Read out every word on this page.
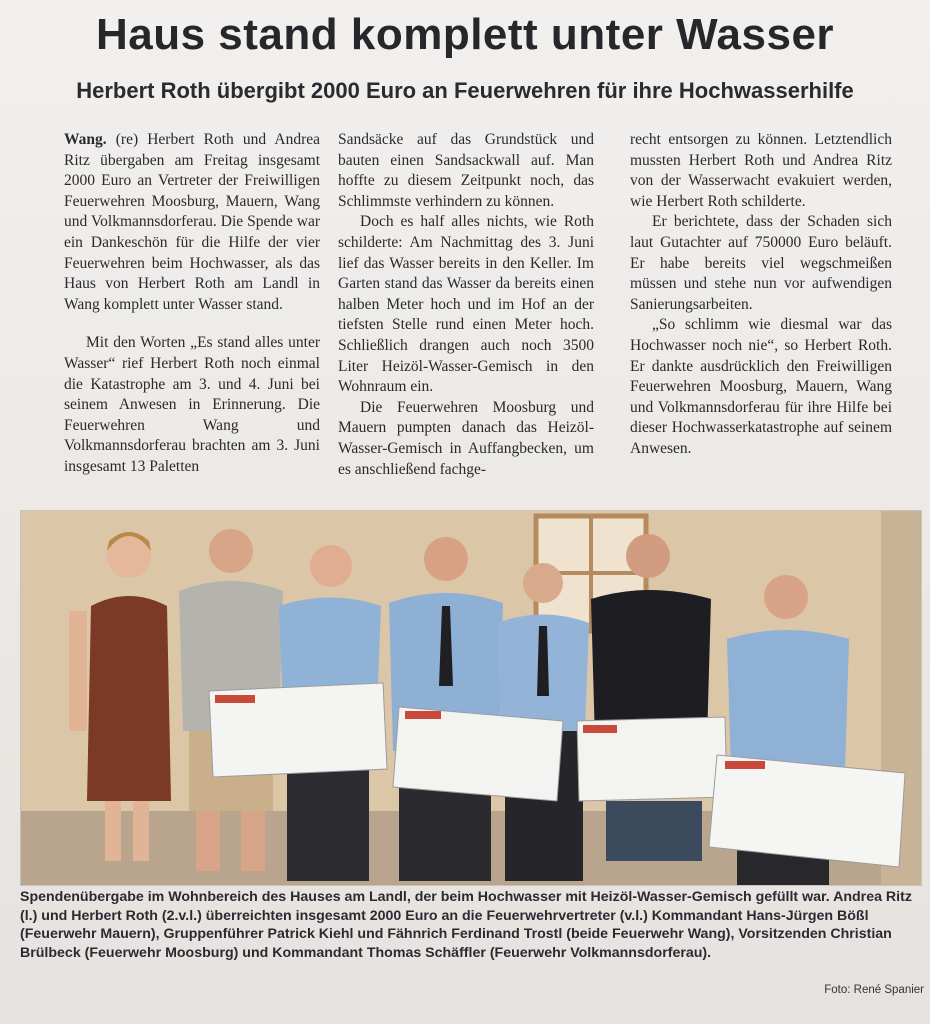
Haus stand komplett unter Wasser
Herbert Roth übergibt 2000 Euro an Feuerwehren für ihre Hochwasserhilfe

Wang. (re) Herbert Roth und Andrea Ritz übergaben am Freitag insgesamt 2000 Euro an Vertreter der Freiwilligen Feuerwehren Moosburg, Mauern, Wang und Volkmannsdorferau. Die Spende war ein Dankeschön für die Hilfe der vier Feuerwehren beim Hochwasser, als das Haus von Herbert Roth am Landl in Wang komplett unter Wasser stand.

Mit den Worten „Es stand alles unter Wasser“ rief Herbert Roth noch einmal die Katastrophe am 3. und 4. Juni bei seinem Anwesen in Erinnerung. Die Feuerwehren Wang und Volkmannsdorferau brachten am 3. Juni insgesamt 13 Paletten

Sandsäcke auf das Grundstück und bauten einen Sandsackwall auf. Man hoffte zu diesem Zeitpunkt noch, das Schlimmste verhindern zu können.

Doch es half alles nichts, wie Roth schilderte: Am Nachmittag des 3. Juni lief das Wasser bereits in den Keller. Im Garten stand das Wasser da bereits einen halben Meter hoch und im Hof an der tiefsten Stelle rund einen Meter hoch. Schließlich drangen auch noch 3500 Liter Heizöl-Wasser-Gemisch in den Wohnraum ein.

Die Feuerwehren Moosburg und Mauern pumpten danach das Heizöl-Wasser-Gemisch in Auffangbecken, um es anschließend fachge-

recht entsorgen zu können. Letztendlich mussten Herbert Roth und Andrea Ritz von der Wasserwacht evakuiert werden, wie Herbert Roth schilderte.

Er berichtete, dass der Schaden sich laut Gutachter auf 750000 Euro beläuft. Er habe bereits viel wegschmeißen müssen und stehe nun vor aufwendigen Sanierungsarbeiten.

„So schlimm wie diesmal war das Hochwasser noch nie“, so Herbert Roth. Er dankte ausdrücklich den Freiwilligen Feuerwehren Moosburg, Mauern, Wang und Volkmannsdorferau für ihre Hilfe bei dieser Hochwasserkatastrophe auf seinem Anwesen.

Spendenübergabe im Wohnbereich des Hauses am Landl, der beim Hochwasser mit Heizöl-Wasser-Gemisch gefüllt war. Andrea Ritz (l.) und Herbert Roth (2.v.l.) überreichten insgesamt 2000 Euro an die Feuerwehrvertreter (v.l.) Kommandant Hans-Jürgen Bößl (Feuerwehr Mauern), Gruppenführer Patrick Kiehl und Fähnrich Ferdinand Trostl (beide Feuerwehr Wang), Vorsitzenden Christian Brülbeck (Feuerwehr Moosburg) und Kommandant Thomas Schäffler (Feuerwehr Volkmannsdorferau).

Foto: René Spanier
